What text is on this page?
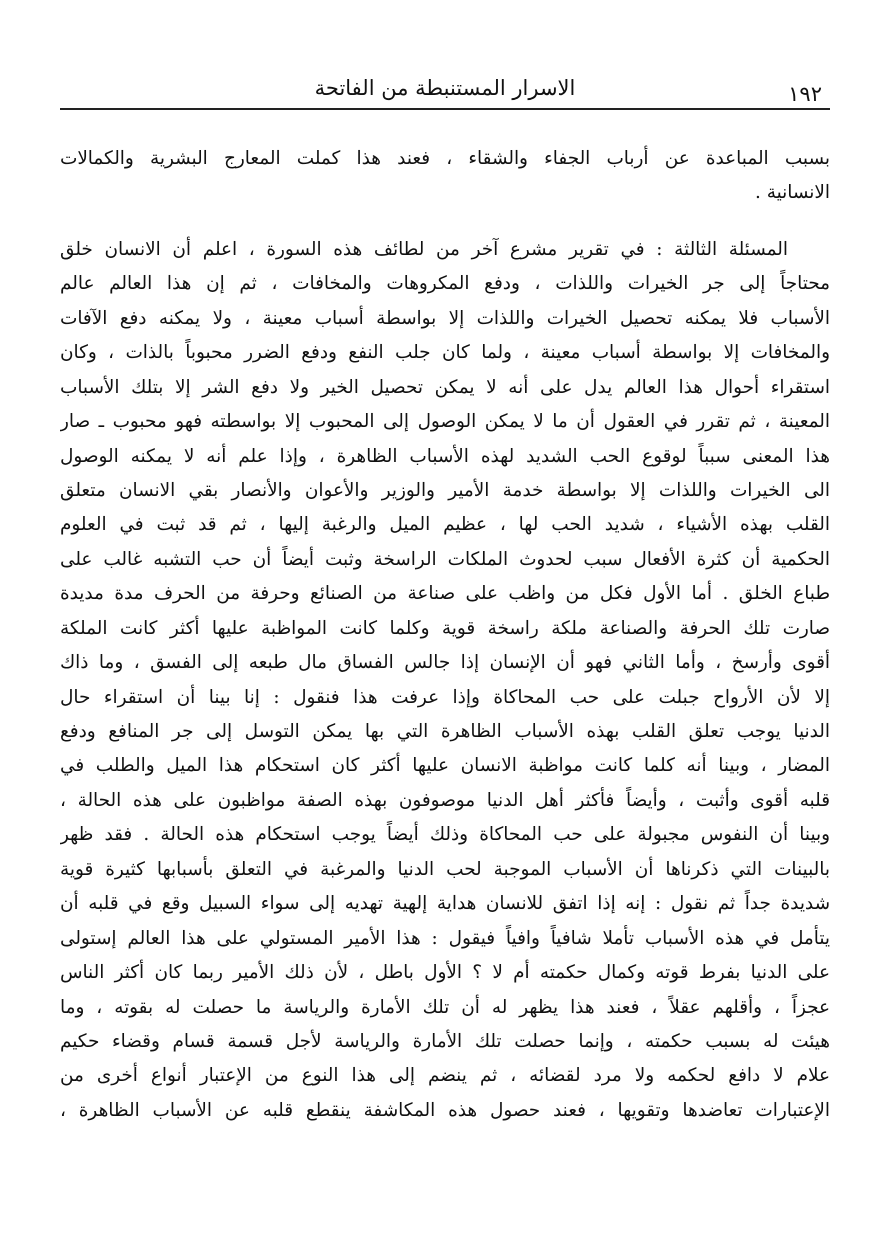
١٩٢
الاسرار المستنبطة من الفاتحة
بسبب المباعدة عن أرباب الجفاء والشقاء ، فعند هذا كملت المعارج البشرية والكمالات
الانسانية .
المسئلة الثالثة : في تقرير مشرع آخر من لطائف هذه السورة ، اعلم أن الانسان خلق
محتاجاً إلى جر الخيرات واللذات ، ودفع المكروهات والمخافات ، ثم إن هذا العالم عالم
الأسباب فلا يمكنه تحصيل الخيرات واللذات إلا بواسطة أسباب معينة ، ولا يمكنه دفع الآفات
والمخافات إلا بواسطة أسباب معينة ، ولما كان جلب النفع ودفع الضرر محبوباً بالذات ، وكان
استقراء أحوال هذا العالم يدل على أنه لا يمكن تحصيل الخير ولا دفع الشر إلا بتلك الأسباب
المعينة ، ثم تقرر في العقول أن ما لا يمكن الوصول إلى المحبوب إلا بواسطته فهو محبوب ـ صار
هذا المعنى سبباً لوقوع الحب الشديد لهذه الأسباب الظاهرة ، وإذا علم أنه لا يمكنه الوصول
الى الخيرات واللذات إلا بواسطة خدمة الأمير والوزير والأعوان والأنصار بقي الانسان متعلق
القلب بهذه الأشياء ، شديد الحب لها ، عظيم الميل والرغبة إليها ، ثم قد ثبت في العلوم
الحكمية أن كثرة الأفعال سبب لحدوث الملكات الراسخة وثبت أيضاً أن حب التشبه غالب على
طباع الخلق . أما الأول فكل من واظب على صناعة من الصنائع وحرفة من الحرف مدة مديدة
صارت تلك الحرفة والصناعة ملكة راسخة قوية وكلما كانت المواظبة عليها أكثر كانت الملكة
أقوى وأرسخ ، وأما الثاني فهو أن الإنسان إذا جالس الفساق مال طبعه إلى الفسق ، وما ذاك
إلا لأن الأرواح جبلت على حب المحاكاة وإذا عرفت هذا فنقول : إنا بينا أن استقراء حال
الدنيا يوجب تعلق القلب بهذه الأسباب الظاهرة التي بها يمكن التوسل إلى جر المنافع ودفع
المضار ، وبينا أنه كلما كانت مواظبة الانسان عليها أكثر كان استحكام هذا الميل والطلب في
قلبه أقوى وأثبت ، وأيضاً فأكثر أهل الدنيا موصوفون بهذه الصفة مواظبون على هذه الحالة ،
وبينا أن النفوس مجبولة على حب المحاكاة وذلك أيضاً يوجب استحكام هذه الحالة . فقد ظهر
بالبينات التي ذكرناها أن الأسباب الموجبة لحب الدنيا والمرغبة في التعلق بأسبابها كثيرة قوية
شديدة جداً ثم نقول : إنه إذا اتفق للانسان هداية إلهية تهديه إلى سواء السبيل وقع في قلبه أن
يتأمل في هذه الأسباب تأملا شافياً وافياً فيقول : هذا الأمير المستولي على هذا العالم إستولى
على الدنيا بفرط قوته وكمال حكمته أم لا ؟ الأول باطل ، لأن ذلك الأمير ربما كان أكثر الناس
عجزاً ، وأقلهم عقلاً ، فعند هذا يظهر له أن تلك الأمارة والرياسة ما حصلت له بقوته ، وما
هيئت له بسبب حكمته ، وإنما حصلت تلك الأمارة والرياسة لأجل قسمة قسام وقضاء حكيم
علام لا دافع لحكمه ولا مرد لقضائه ، ثم ينضم إلى هذا النوع من الإعتبار أنواع أخرى من
الإعتبارات تعاضدها وتقويها ، فعند حصول هذه المكاشفة ينقطع قلبه عن الأسباب الظاهرة ،
